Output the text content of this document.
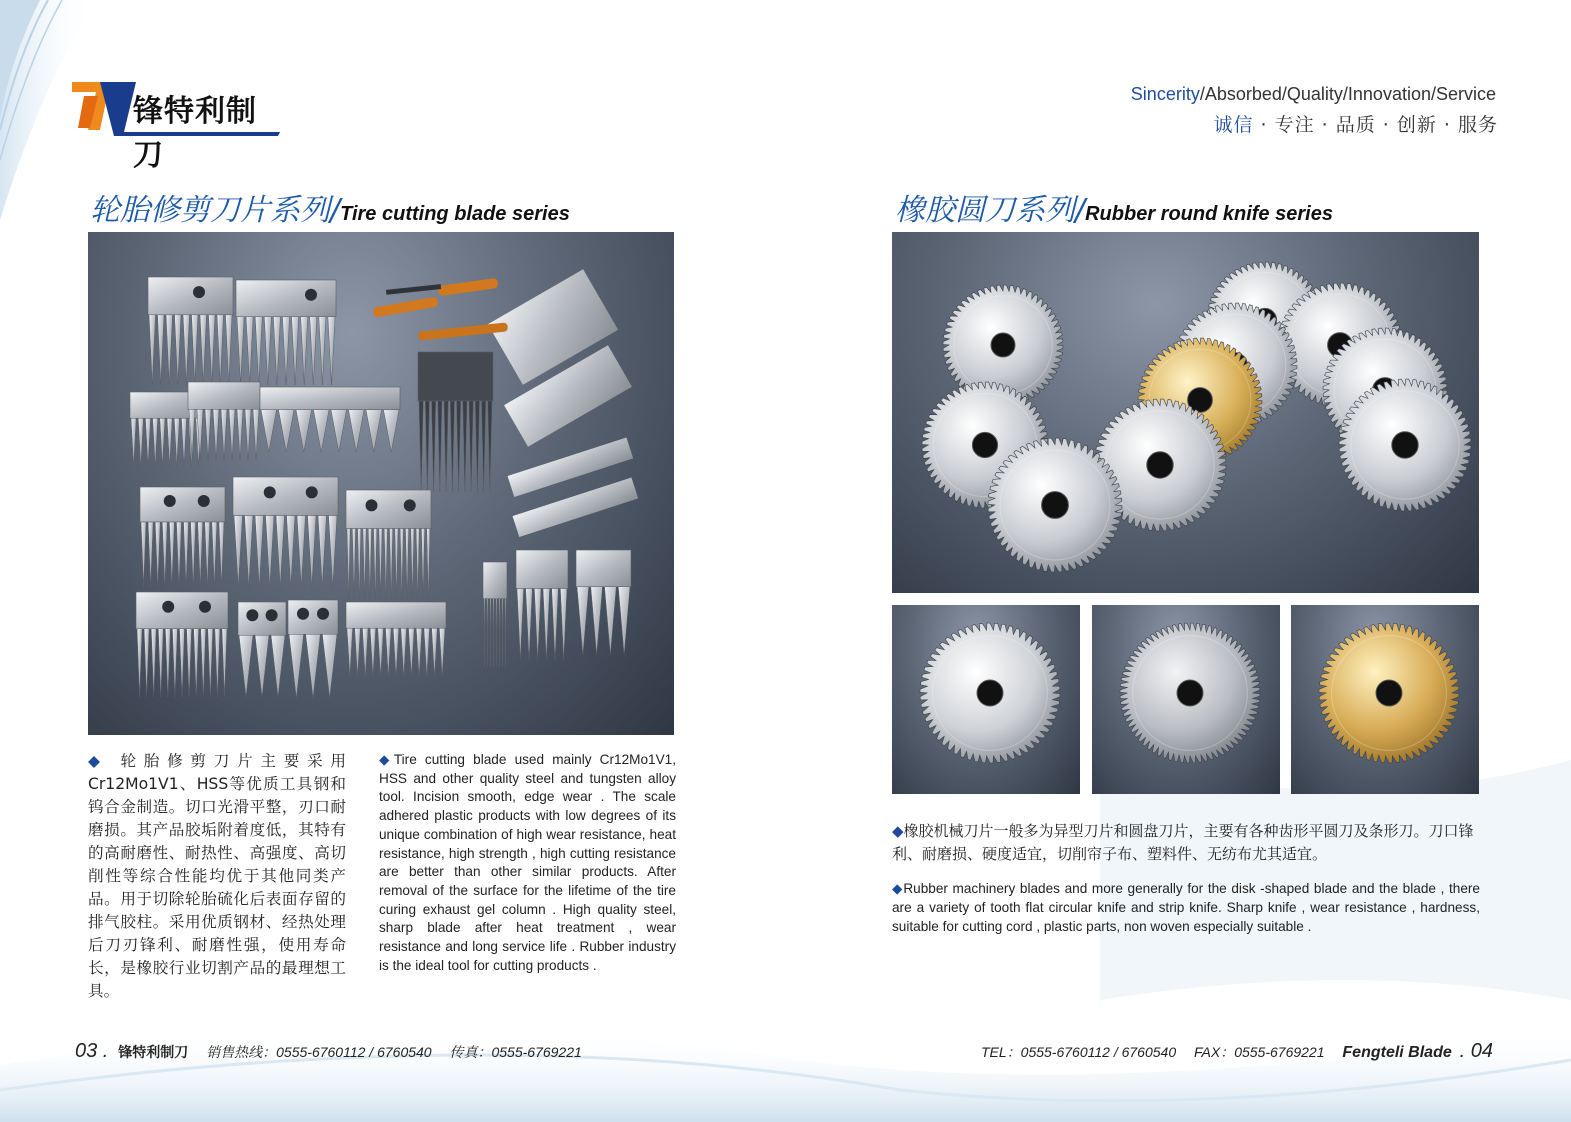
锋特利制刀
Sincerity/Absorbed/Quality/Innovation/Service
诚信 · 专注 · 品质 · 创新 · 服务
轮胎修剪刀片系列/Tire cutting blade series	橡胶圆刀系列/Rubber round knife series
◆ 轮胎修剪刀片主要采用Cr12Mo1V1、HSS等优质工具钢和钨合金制造。切口光滑平整，刃口耐磨损。其产品胶垢附着度低，其特有的高耐磨性、耐热性、高强度、高切削性等综合性能均优于其他同类产品。用于切除轮胎硫化后表面存留的排气胶柱。采用优质钢材、经热处理后刀刃锋利、耐磨性强，使用寿命长，是橡胶行业切割产品的最理想工具。
◆Tire cutting blade used mainly Cr12Mo1V1, HSS and other quality steel and tungsten alloy tool. Incision smooth, edge wear . The scale adhered plastic products with low degrees of its unique combination of high wear resistance, heat resistance, high strength , high cutting resistance are better than other similar products. After removal of the surface for the lifetime of the tire curing exhaust gel column . High quality steel, sharp blade after heat treatment , wear resistance and long service life . Rubber industry is the ideal tool for cutting products .
◆橡胶机械刀片一般多为异型刀片和圆盘刀片，主要有各种齿形平圆刀及条形刀。刀口锋利、耐磨损、硬度适宜，切削帘子布、塑料件、无纺布尤其适宜。
◆Rubber machinery blades and more generally for the disk -shaped blade and the blade , there are a variety of tooth flat circular knife and strip knife. Sharp knife , wear resistance , hardness, suitable for cutting cord , plastic parts, non woven especially suitable .
03 . 锋特利制刀 销售热线：0555-6760112 / 6760540 传真：0555-6769221	TEL：0555-6760112 / 6760540 FAX：0555-6769221 Fengteli Blade . 04
